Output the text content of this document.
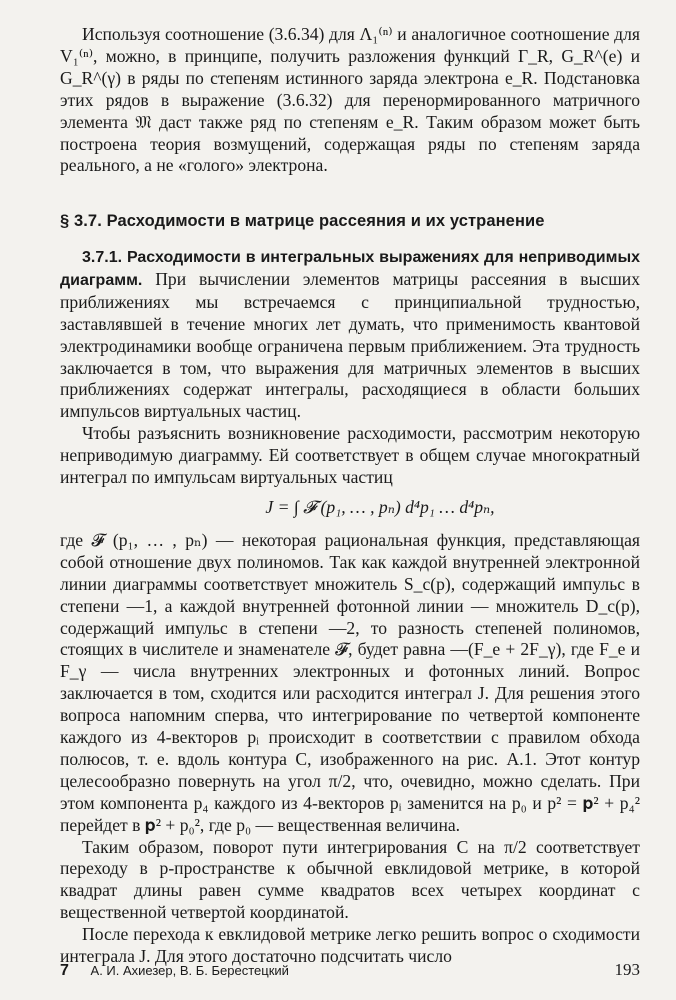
Используя соотношение (3.6.34) для Λ₁⁽ⁿ⁾ и аналогичное соотношение для V₁⁽ⁿ⁾, можно, в принципе, получить разложения функций Γ_R, G_R^(e) и G_R^(γ) в ряды по степеням истинного заряда электрона e_R. Подстановка этих рядов в выражение (3.6.32) для перенормированного матричного элемента 𝔐 даст также ряд по степеням e_R. Таким образом может быть построена теория возмущений, содержащая ряды по степеням заряда реального, а не «голого» электрона.

§ 3.7. Расходимости в матрице рассеяния и их устранение

3.7.1. Расходимости в интегральных выражениях для неприводимых диаграмм. При вычислении элементов матрицы рассеяния в высших приближениях мы встречаемся с принципиальной трудностью, заставлявшей в течение многих лет думать, что применимость квантовой электродинамики вообще ограничена первым приближением. Эта трудность заключается в том, что выражения для матричных элементов в высших приближениях содержат интегралы, расходящиеся в области больших импульсов виртуальных частиц.

Чтобы разъяснить возникновение расходимости, рассмотрим некоторую неприводимую диаграмму. Ей соответствует в общем случае многократный интеграл по импульсам виртуальных частиц

J = ∫ 𝓕 (p₁, … , pₙ) d⁴p₁ … d⁴pₙ,

где 𝓕 (p₁, … , pₙ) — некоторая рациональная функция, представляющая собой отношение двух полиномов. Так как каждой внутренней электронной линии диаграммы соответствует множитель S_c(p), содержащий импульс в степени —1, а каждой внутренней фотонной линии — множитель D_c(p), содержащий импульс в степени —2, то разность степеней полиномов, стоящих в числителе и знаменателе 𝓕, будет равна —(F_e + 2F_γ), где F_e и F_γ — числа внутренних электронных и фотонных линий. Вопрос заключается в том, сходится или расходится интеграл J. Для решения этого вопроса напомним сперва, что интегрирование по четвертой компоненте каждого из 4-векторов pᵢ происходит в соответствии с правилом обхода полюсов, т. е. вдоль контура C, изображенного на рис. А.1. Этот контур целесообразно повернуть на угол π/2, что, очевидно, можно сделать. При этом компонента p₄ каждого из 4-векторов pᵢ заменится на p₀ и p² = 𝐩² + p₄² перейдет в 𝐩² + p₀², где p₀ — вещественная величина.

Таким образом, поворот пути интегрирования C на π/2 соответствует переходу в p-пространстве к обычной евклидовой метрике, в которой квадрат длины равен сумме квадратов всех четырех координат с вещественной четвертой координатой.

После перехода к евклидовой метрике легко решить вопрос о сходимости интеграла J. Для этого достаточно подсчитать число

7 А. И. Ахиезер, В. Б. Берестецкий	193
